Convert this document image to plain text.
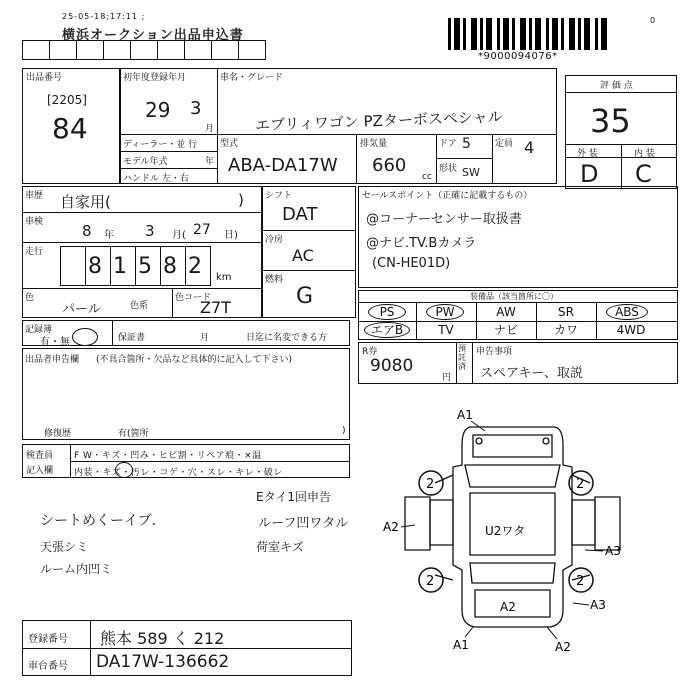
25-05-18;17:11 ;
横浜オークション出品申込書
*9000094076*
0
出品番号
[2205]
84
初年度登録年月
29 3
月
ディーラー・並 行
モデル年式	年
ハンドル 左・右
車名・グレード
エブリィワゴン PZターボスペシャル
型式
ABA-DA17W
排気量
660
cc
ドア 5
形状 SW
定員 4
評 価 点
35
外 装	内 装
D C
車歴 自家用(	)
車検	8 年 3 月( 27 日)
走行
8 1 5 8 2 km
色
パール	色系
色コード
Z7T
シフト
DAT
冷房
AC
燃料
G
セールスポイント（正確に記載するもの）
@コーナーセンサー取扱書
@ナビ.TV.Bカメラ
(CN-HE01D)
装備品（該当箇所に〇）
PS	PW	AW	SR	ABS
エアB	TV	ナビ	カワ	4WD
記録簿
有・無	保証書	月	日迄に名変できる方
R券
9080
円
預託済
申告事項
スペアキー、取説
出品者申告欄 (不具合箇所・欠品など具体的に記入して下さい)
修復歴	有(箇所	)
検査員
記入欄
F W・キズ・凹み・ヒビ割・リペア痕・×温
内装・キズ・汚レ・コゲ・穴・スレ・キレ・破レ
Eタイ1回申告
シートめくーイブ.
天張シミ
ルーム内凹ミ
ルーフ凹ワタル
荷室キズ
2	2
2	2
A1
A2	U2ワタ
A3
A3
A2
A1	A2
登録番号 熊本 589 く 212
車台番号 DA17W-136662
